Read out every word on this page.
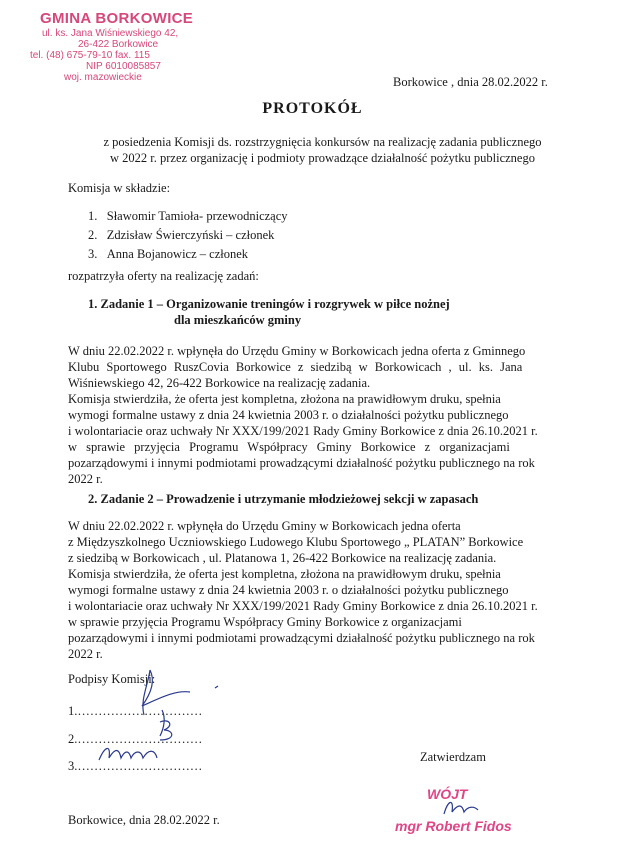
GMINA BORKOWICE
ul. ks. Jana Wiśniewskiego 42,
26-422 Borkowice
tel. (48) 675-79-10 fax. 115
NIP 6010085857
woj. mazowieckie	Borkowice , dnia 28.02.2022 r.
PROTOKÓŁ
z posiedzenia Komisji ds. rozstrzygnięcia konkursów na realizację zadania publicznego
w 2022 r. przez organizację i podmioty prowadzące działalność pożytku publicznego
Komisja w składzie:
1. Sławomir Tamioła- przewodniczący
2. Zdzisław Świerczyński – członek
3. Anna Bojanowicz – członek
rozpatrzyła oferty na realizację zadań:
1. Zadanie 1 – Organizowanie treningów i rozgrywek w piłce nożnej
dla mieszkańców gminy
W dniu 22.02.2022 r. wpłynęła do Urzędu Gminy w Borkowicach jedna oferta z Gminnego
Klubu Sportowego RuszCovia Borkowice z siedzibą w Borkowicach , ul. ks. Jana
Wiśniewskiego 42, 26-422 Borkowice na realizację zadania.
Komisja stwierdziła, że oferta jest kompletna, złożona na prawidłowym druku, spełnia
wymogi formalne ustawy z dnia 24 kwietnia 2003 r. o działalności pożytku publicznego
i wolontariacie oraz uchwały Nr XXX/199/2021 Rady Gminy Borkowice z dnia 26.10.2021 r.
w sprawie przyjęcia Programu Współpracy Gminy Borkowice z organizacjami
pozarządowymi i innymi podmiotami prowadzącymi działalność pożytku publicznego na rok
2022 r.
2. Zadanie 2 – Prowadzenie i utrzymanie młodzieżowej sekcji w zapasach
W dniu 22.02.2022 r. wpłynęła do Urzędu Gminy w Borkowicach jedna oferta
z Międzyszkolnego Uczniowskiego Ludowego Klubu Sportowego „ PLATAN” Borkowice
z siedzibą w Borkowicach , ul. Platanowa 1, 26-422 Borkowice na realizację zadania.
Komisja stwierdziła, że oferta jest kompletna, złożona na prawidłowym druku, spełnia
wymogi formalne ustawy z dnia 24 kwietnia 2003 r. o działalności pożytku publicznego
i wolontariacie oraz uchwały Nr XXX/199/2021 Rady Gminy Borkowice z dnia 26.10.2021 r.
w sprawie przyjęcia Programu Współpracy Gminy Borkowice z organizacjami
pozarządowymi i innymi podmiotami prowadzącymi działalność pożytku publicznego na rok
2022 r.
Podpisy Komisji:
1.…………………………
2.…………………………
3.…………………………
Zatwierdzam
WÓJT
mgr Robert Fidos
Borkowice, dnia 28.02.2022 r.
